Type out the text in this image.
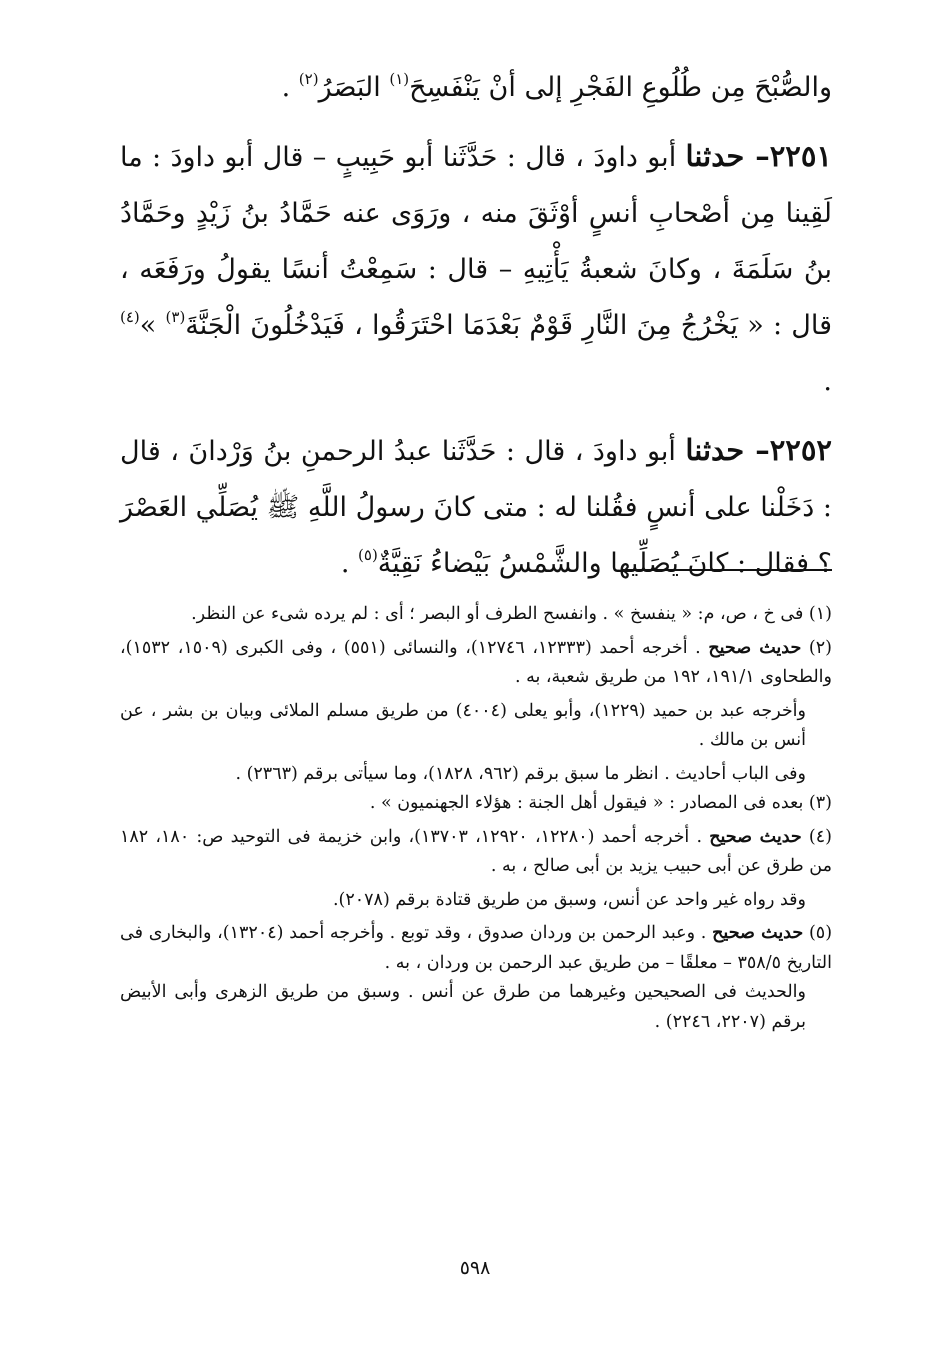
والصُّبْحَ مِن طُلُوعِ الفَجْرِ إلى أنْ يَنْفَسِحَ$^{(١)}$ البَصَرُ$^{(٢)}$ .

٢٢٥١– حدثنا أبو داودَ ، قال : حَدَّثَنا أبو حَبِيبٍ – قال أبو داودَ : ما لَقِينا مِن أصْحابِ أنسٍ أوْثَقَ منه ، ورَوَى عنه حَمَّادُ بنُ زَيْدٍ وحَمَّادُ بنُ سَلَمَةَ ، وكانَ شعبةُ يَأْتِيهِ – قال : سَمِعْتُ أنسًا يقولُ ورَفَعَه ، قال : « يَخْرُجُ مِنَ النَّارِ قَوْمٌ بَعْدَمَا احْتَرَقُوا ، فَيَدْخُلُونَ الْجَنَّةَ$^{(٣)}$ »$^{(٤)}$ .

٢٢٥٢– حدثنا أبو داودَ ، قال : حَدَّثَنا عبدُ الرحمنِ بنُ وَرْدانَ ، قال : دَخَلْنا على أنسٍ فقُلنا له : متى كانَ رسولُ اللَّهِ ﷺ يُصَلِّي العَصْرَ ؟ فقال : كانَ يُصَلِّيها والشَّمْسُ بَيْضاءُ نَقِيَّةٌ$^{(٥)}$ .

(١) فى خ ، ص، م: « ينفسخ » . وانفسح الطرف أو البصر ؛ أى : لم يرده شىء عن النظر.

(٢) حديث صحيح . أخرجه أحمد (١٢٣٣٣، ١٢٧٤٦)، والنسائى (٥٥١) ، وفى الكبرى (١٥٠٩، ١٥٣٢)، والطحاوى ١٩١/١، ١٩٢ من طريق شعبة، به .

وأخرجه عبد بن حميد (١٢٢٩)، وأبو يعلى (٤٠٠٤) من طريق مسلم الملائى وبيان بن بشر ، عن أنس بن مالك .

وفى الباب أحاديث . انظر ما سبق برقم (٩٦٢، ١٨٢٨)، وما سيأتى برقم (٢٣٦٣) .

(٣) بعده فى المصادر : « فيقول أهل الجنة : هؤلاء الجهنميون » .

(٤) حديث صحيح . أخرجه أحمد (١٢٢٨٠، ١٢٩٢٠، ١٣٧٠٣)، وابن خزيمة فى التوحيد ص: ١٨٠، ١٨٢ من طرق عن أبى حبيب يزيد بن أبى صالح ، به .

وقد رواه غير واحد عن أنس، وسبق من طريق قتادة برقم (٢٠٧٨).

(٥) حديث صحيح . وعبد الرحمن بن وردان صدوق ، وقد توبع . وأخرجه أحمد (١٣٢٠٤)، والبخارى فى التاريخ ٣٥٨/٥ – معلقًا – من طريق عبد الرحمن بن وردان ، به .

والحديث فى الصحيحين وغيرهما من طرق عن أنس . وسبق من طريق الزهرى وأبى الأبيض برقم (٢٢٠٧، ٢٢٤٦) .

٥٩٨
